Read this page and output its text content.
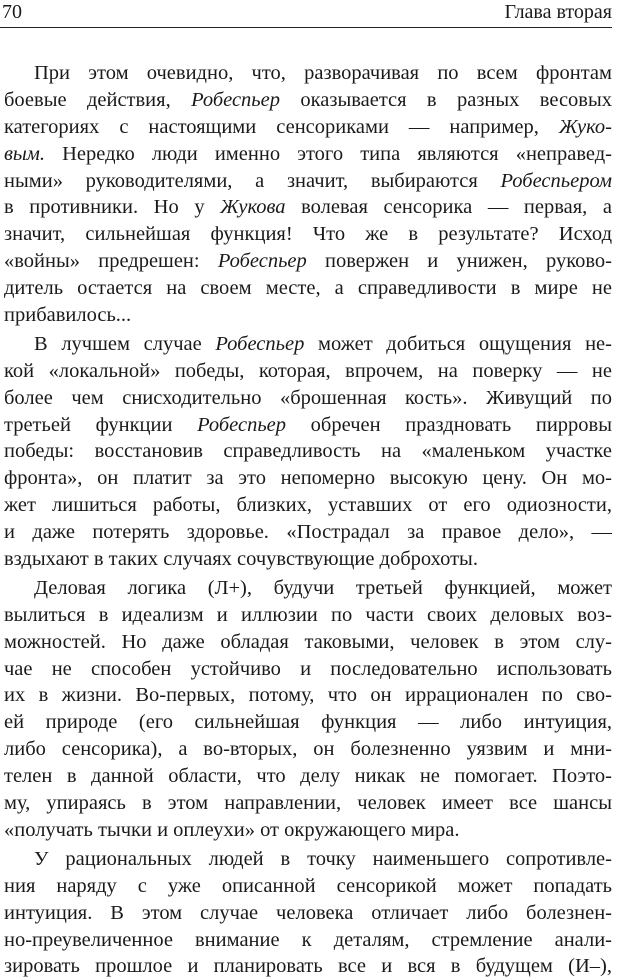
70	Глава вторая
При этом очевидно, что, разворачивая по всем фронтам
боевые действия, Робеспьер оказывается в разных весовых
категориях с настоящими сенсориками — например, Жуко-
вым. Нередко люди именно этого типа являются «неправед-
ными» руководителями, а значит, выбираются Робеспьером
в противники. Но у Жукова волевая сенсорика — первая, а
значит, сильнейшая функция! Что же в результате? Исход
«войны» предрешен: Робеспьер повержен и унижен, руково-
дитель остается на своем месте, а справедливости в мире не
прибавилось...
В лучшем случае Робеспьер может добиться ощущения не-
кой «локальной» победы, которая, впрочем, на поверку — не
более чем снисходительно «брошенная кость». Живущий по
третьей функции Робеспьер обречен праздновать пирровы
победы: восстановив справедливость на «маленьком участке
фронта», он платит за это непомерно высокую цену. Он мо-
жет лишиться работы, близких, уставших от его одиозности,
и даже потерять здоровье. «Пострадал за правое дело», —
вздыхают в таких случаях сочувствующие доброхоты.
Деловая логика (Л+), будучи третьей функцией, может
вылиться в идеализм и иллюзии по части своих деловых воз-
можностей. Но даже обладая таковыми, человек в этом слу-
чае не способен устойчиво и последовательно использовать
их в жизни. Во-первых, потому, что он иррационален по сво-
ей природе (его сильнейшая функция — либо интуиция,
либо сенсорика), а во-вторых, он болезненно уязвим и мни-
телен в данной области, что делу никак не помогает. Поэто-
му, упираясь в этом направлении, человек имеет все шансы
«получать тычки и оплеухи» от окружающего мира.
У рациональных людей в точку наименьшего сопротивле-
ния наряду с уже описанной сенсорикой может попадать
интуиция. В этом случае человека отличает либо болезнен-
но-преувеличенное внимание к деталям, стремление анали-
зировать прошлое и планировать все и вся в будущем (И–),
